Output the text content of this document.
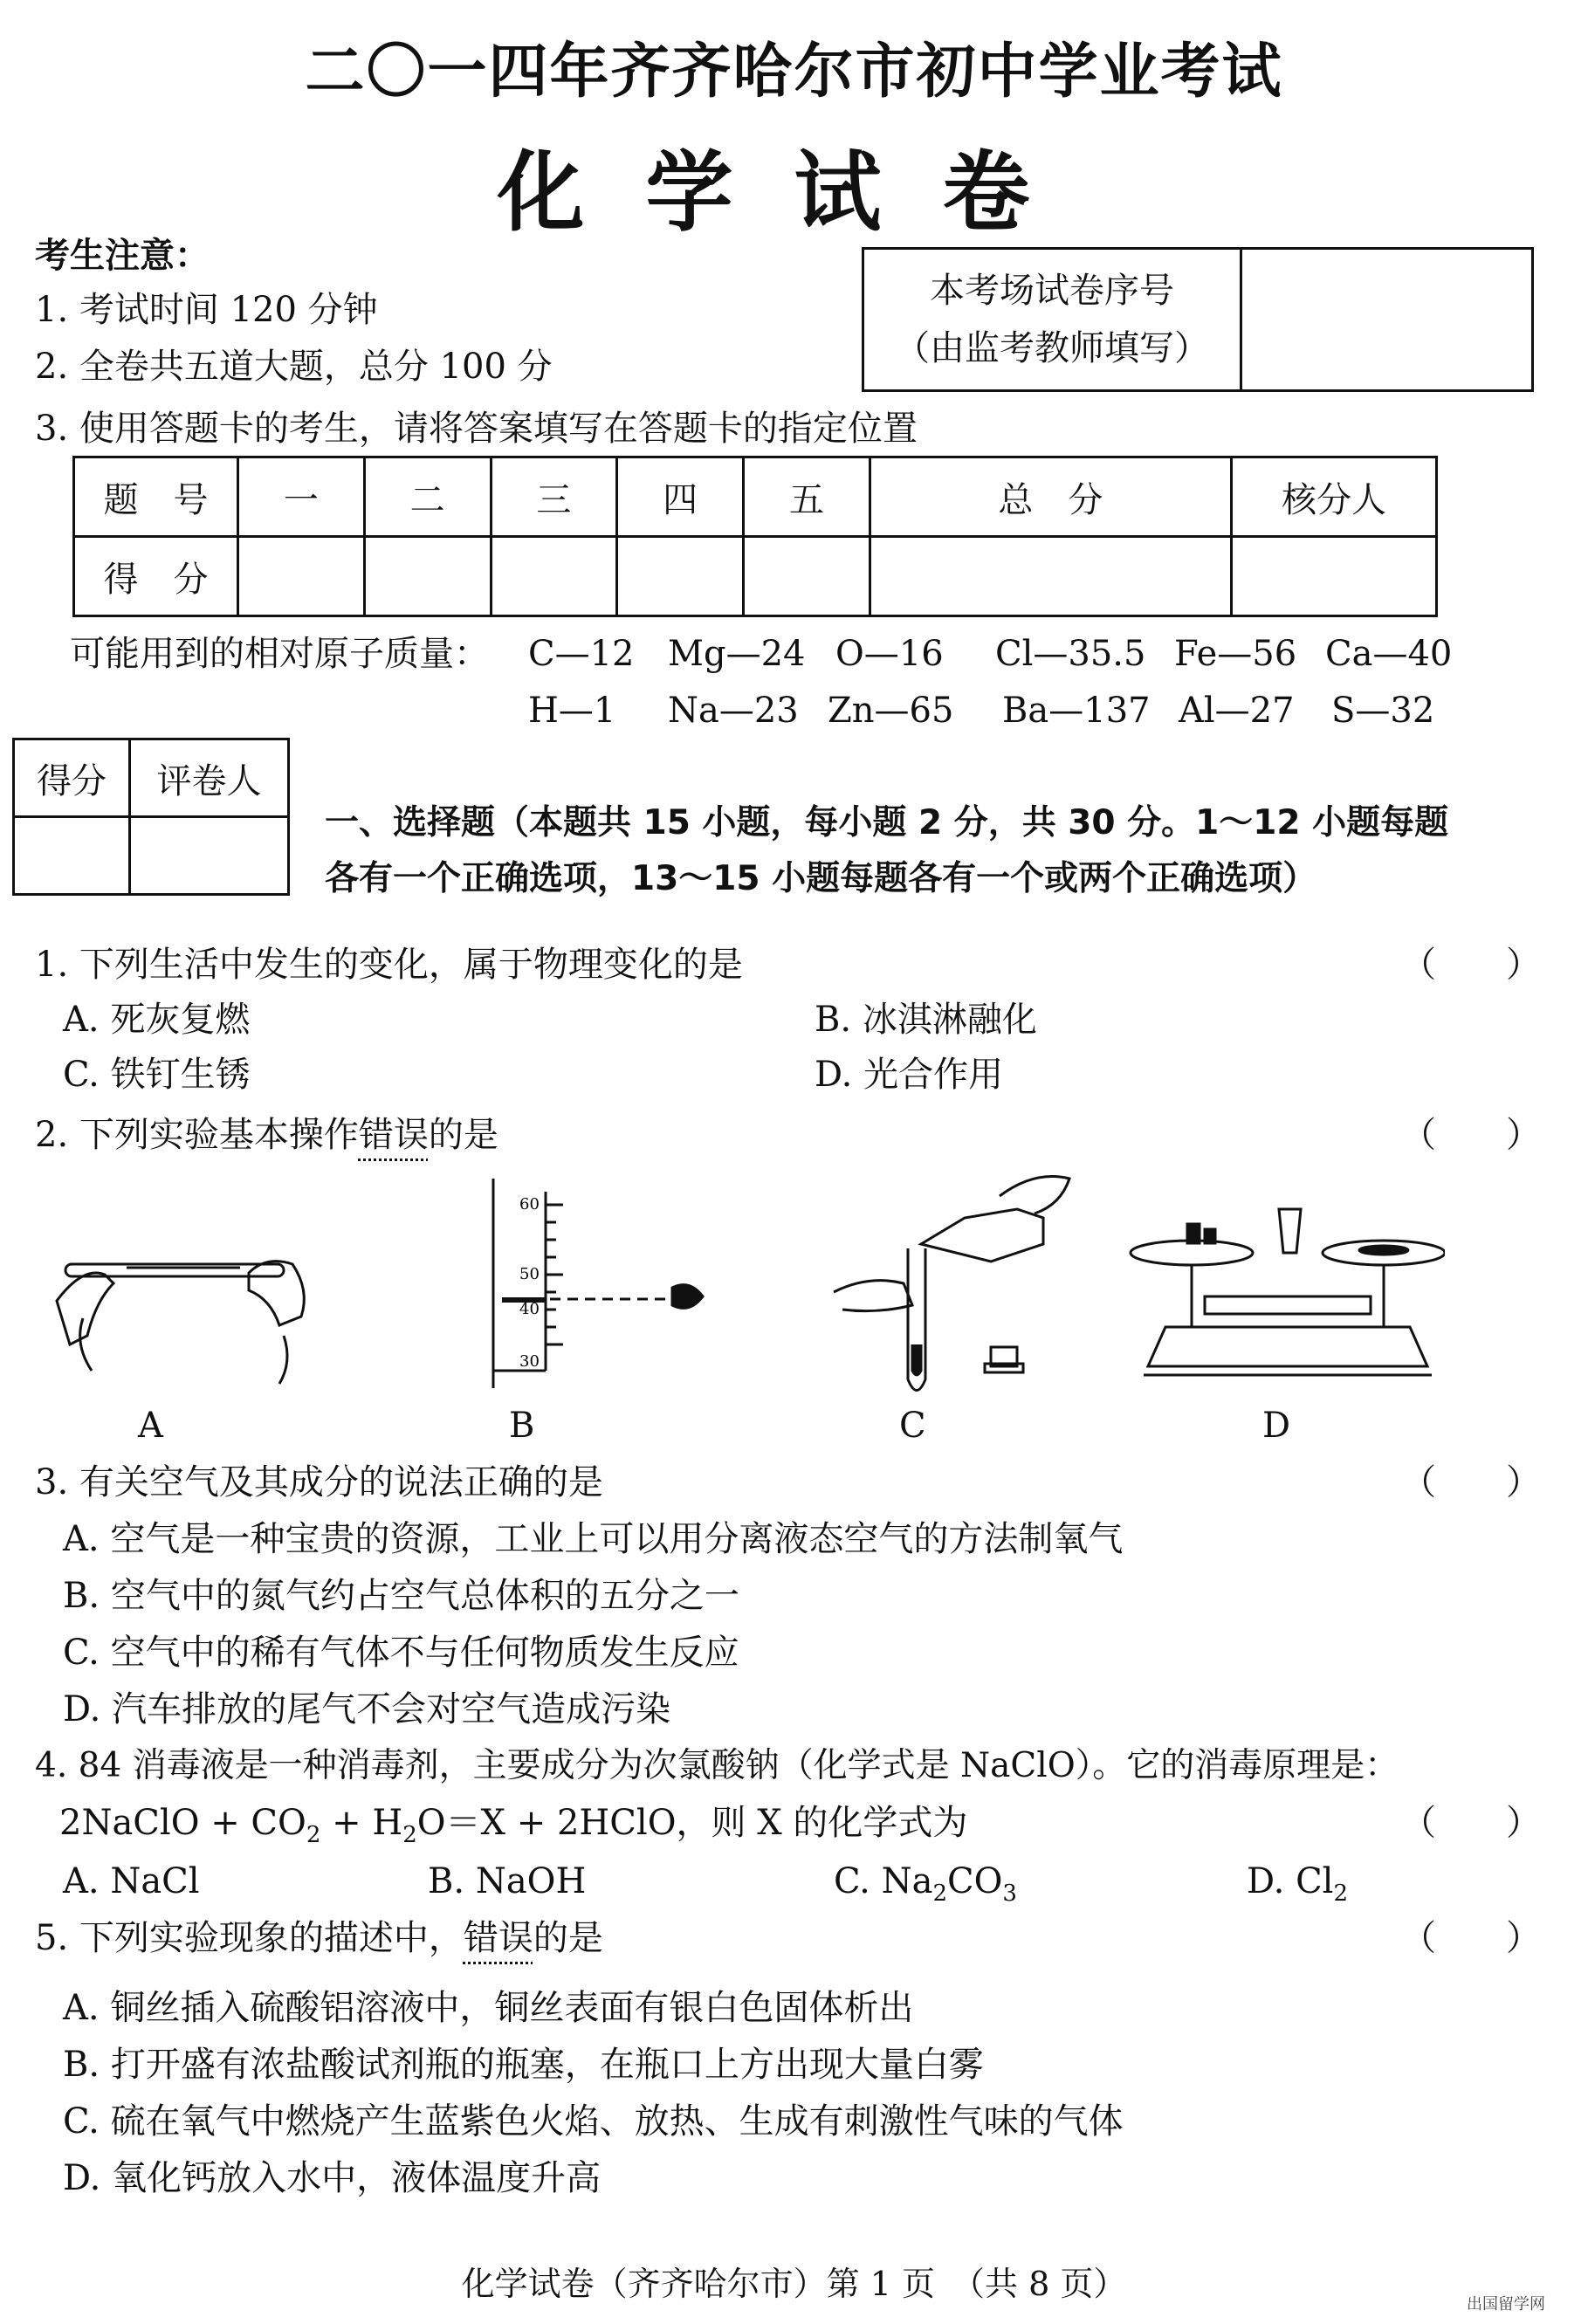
二〇一四年齐齐哈尔市初中学业考试
化学试卷
考生注意：
1. 考试时间 120 分钟
2. 全卷共五道大题，总分 100 分
3. 使用答题卡的考生，请将答案填写在答题卡的指定位置
本考场试卷序号
（由监考教师填写）

题　号	一	二	三	四	五	总　分	核分人
得　分							
可能用到的相对原子质量： C—12 Mg—24 O—16 Cl—35.5 Fe—56 Ca—40
H—1 Na—23 Zn—65 Ba—137 Al—27 S—32
得分	评卷人

一、选择题（本题共 15 小题，每小题 2 分，共 30 分。1～12 小题每题
各有一个正确选项，13～15 小题每题各有一个或两个正确选项）
1. 下列生活中发生的变化，属于物理变化的是	（　　）
A. 死灰复燃	B. 冰淇淋融化
C. 铁钉生锈	D. 光合作用
2. 下列实验基本操作错误的是	（　　）
60
50
40
30
A	B	C	D
3. 有关空气及其成分的说法正确的是	（　　）
A. 空气是一种宝贵的资源，工业上可以用分离液态空气的方法制氧气
B. 空气中的氮气约占空气总体积的五分之一
C. 空气中的稀有气体不与任何物质发生反应
D. 汽车排放的尾气不会对空气造成污染
4. 84 消毒液是一种消毒剂，主要成分为次氯酸钠（化学式是 NaClO）。它的消毒原理是：
2NaClO + $CO_2 + H_2O=X$ + 2HClO，则 X 的化学式为	（　　）
A. NaCl	B. NaOH	C. $Na_2CO_3$	D. $Cl_2$
5. 下列实验现象的描述中，错误的是	（　　）
A. 铜丝插入硫酸铝溶液中，铜丝表面有银白色固体析出
B. 打开盛有浓盐酸试剂瓶的瓶塞，在瓶口上方出现大量白雾
C. 硫在氧气中燃烧产生蓝紫色火焰、放热、生成有刺激性气味的气体
D. 氧化钙放入水中，液体温度升高
化学试卷（齐齐哈尔市）第 1 页　（共 8 页）
出国留学网
